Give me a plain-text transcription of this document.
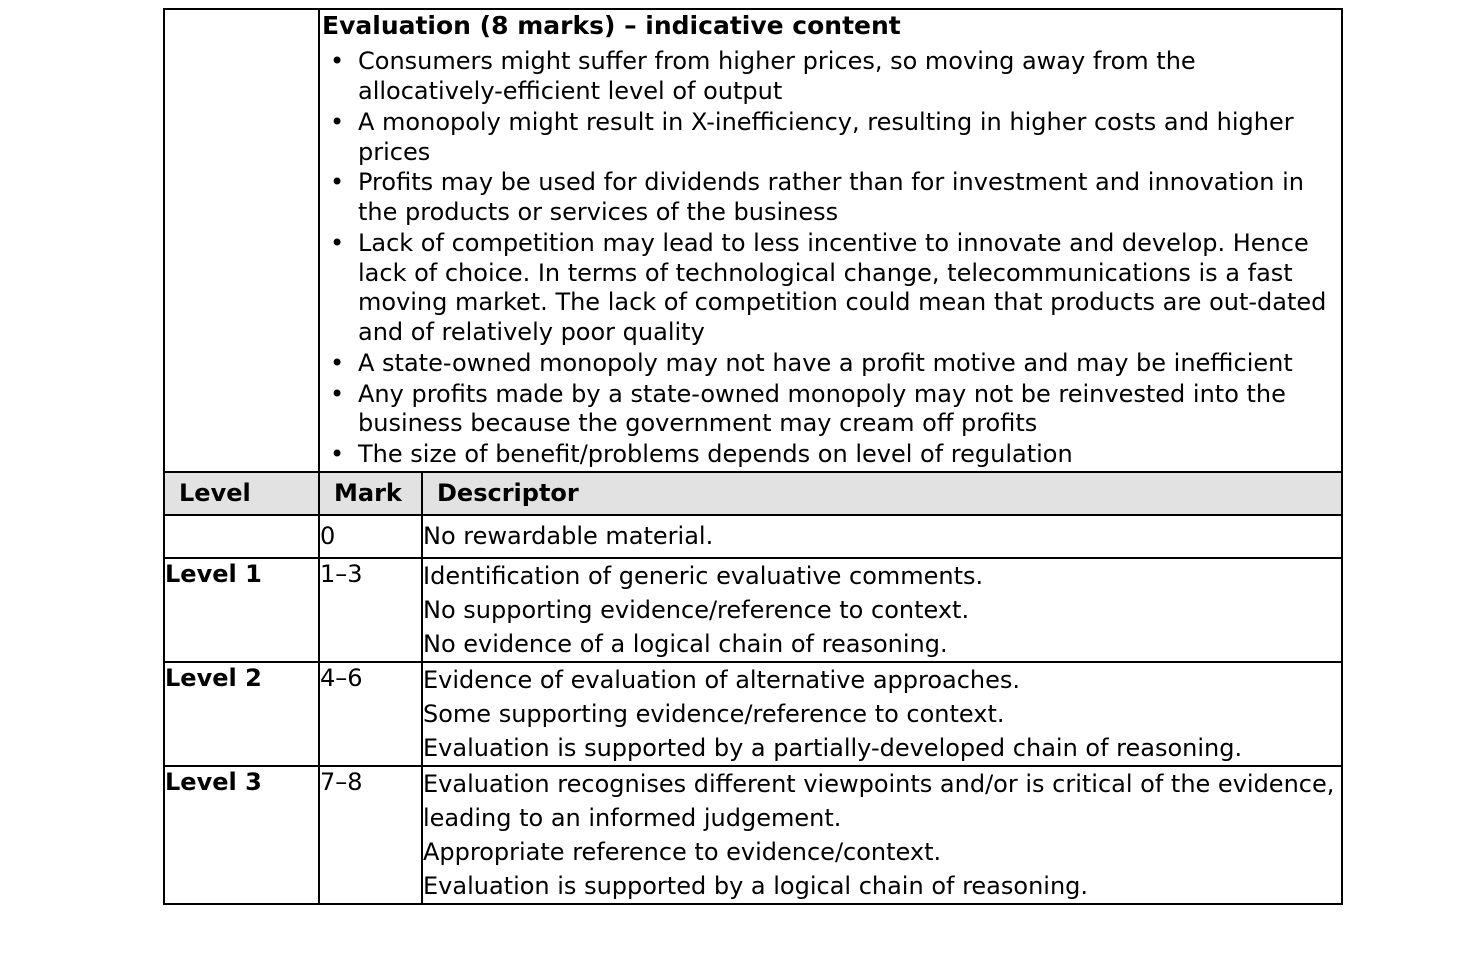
Evaluation (8 marks) – indicative content
• Consumers might suffer from higher prices, so moving away from the allocatively-efficient level of output
• A monopoly might result in X-inefficiency, resulting in higher costs and higher prices
• Profits may be used for dividends rather than for investment and innovation in the products or services of the business
• Lack of competition may lead to less incentive to innovate and develop. Hence lack of choice. In terms of technological change, telecommunications is a fast moving market. The lack of competition could mean that products are out-dated and of relatively poor quality
• A state-owned monopoly may not have a profit motive and may be inefficient
• Any profits made by a state-owned monopoly may not be reinvested into the business because the government may cream off profits
• The size of benefit/problems depends on level of regulation

Level	Mark	Descriptor
	0	No rewardable material.

Level 1	1–3	Identification of generic evaluative comments.
No supporting evidence/reference to context.
No evidence of a logical chain of reasoning.

Level 2	4–6	Evidence of evaluation of alternative approaches.
Some supporting evidence/reference to context.
Evaluation is supported by a partially-developed chain of reasoning.

Level 3	7–8	Evaluation recognises different viewpoints and/or is critical of the evidence, leading to an informed judgement.
Appropriate reference to evidence/context.
Evaluation is supported by a logical chain of reasoning.
